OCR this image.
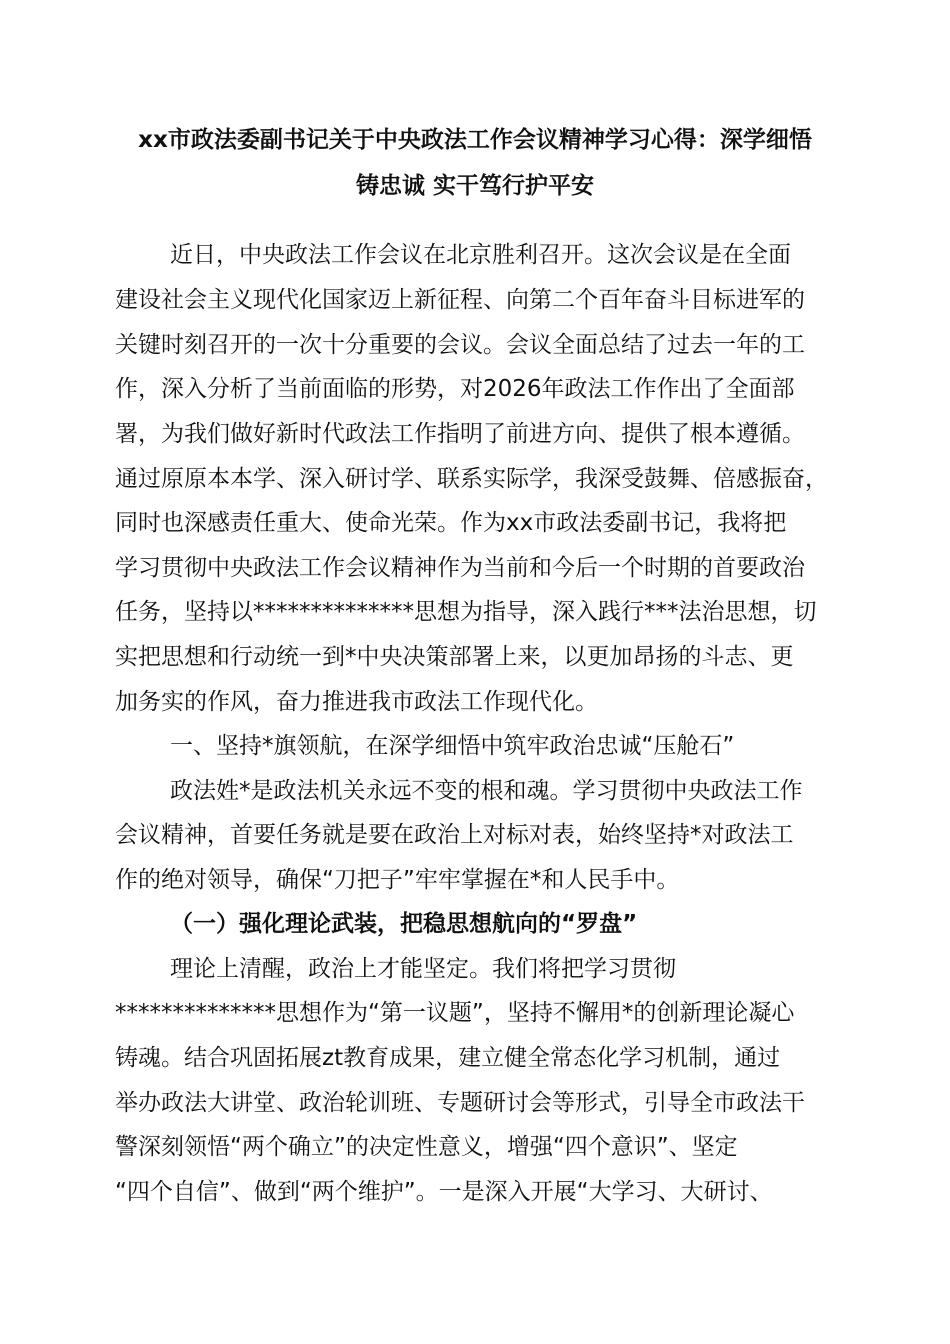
xx市政法委副书记关于中央政法工作会议精神学习心得：深学细悟
铸忠诚 实干笃行护平安
近日，中央政法工作会议在北京胜利召开。这次会议是在全面
建设社会主义现代化国家迈上新征程、向第二个百年奋斗目标进军的
关键时刻召开的一次十分重要的会议。会议全面总结了过去一年的工
作，深入分析了当前面临的形势，对2026年政法工作作出了全面部
署，为我们做好新时代政法工作指明了前进方向、提供了根本遵循。
通过原原本本学、深入研讨学、联系实际学，我深受鼓舞、倍感振奋，
同时也深感责任重大、使命光荣。作为xx市政法委副书记，我将把
学习贯彻中央政法工作会议精神作为当前和今后一个时期的首要政治
任务，坚持以**************思想为指导，深入践行***法治思想，切
实把思想和行动统一到*中央决策部署上来，以更加昂扬的斗志、更
加务实的作风，奋力推进我市政法工作现代化。
一、坚持*旗领航，在深学细悟中筑牢政治忠诚“压舱石”
政法姓*是政法机关永远不变的根和魂。学习贯彻中央政法工作
会议精神，首要任务就是要在政治上对标对表，始终坚持*对政法工
作的绝对领导，确保“刀把子”牢牢掌握在*和人民手中。
（一）强化理论武装，把稳思想航向的“罗盘”
理论上清醒，政治上才能坚定。我们将把学习贯彻
**************思想作为“第一议题”，坚持不懈用*的创新理论凝心
铸魂。结合巩固拓展zt教育成果，建立健全常态化学习机制，通过
举办政法大讲堂、政治轮训班、专题研讨会等形式，引导全市政法干
警深刻领悟“两个确立”的决定性意义，增强“四个意识”、坚定
“四个自信”、做到“两个维护”。一是深入开展“大学习、大研讨、
